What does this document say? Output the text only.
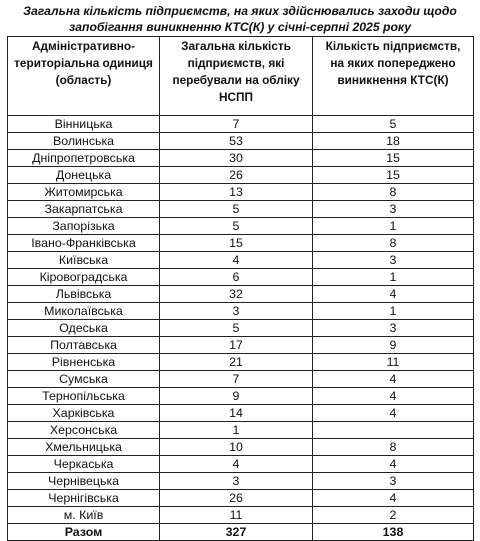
Загальна кількість підприємств, на яких здійснювались заходи щодо
запобігання виникненню КТС(К) у січні-серпні 2025 року
Адміністративно-
територіальна одиниця
(область)	Загальна кількість
підприємств, які
перебували на обліку
НСПП	Кількість підприємств,
на яких попереджено
виникнення КТС(К)

Вінницька	7	5
Волинська	53	18
Дніпропетровська	30	15
Донецька	26	15
Житомирська	13	8
Закарпатська	5	3
Запорізька	5	1
Івано-Франківська	15	8
Київська	4	3
Кіровоградська	6	1
Львівська	32	4
Миколаївська	3	1
Одеська	5	3
Полтавська	17	9
Рівненська	21	11
Сумська	7	4
Тернопільська	9	4
Харківська	14	4
Херсонська	1	
Хмельницька	10	8
Черкаська	4	4
Чернівецька	3	3
Чернігівська	26	4
м. Київ	11	2
Разом	327	138
